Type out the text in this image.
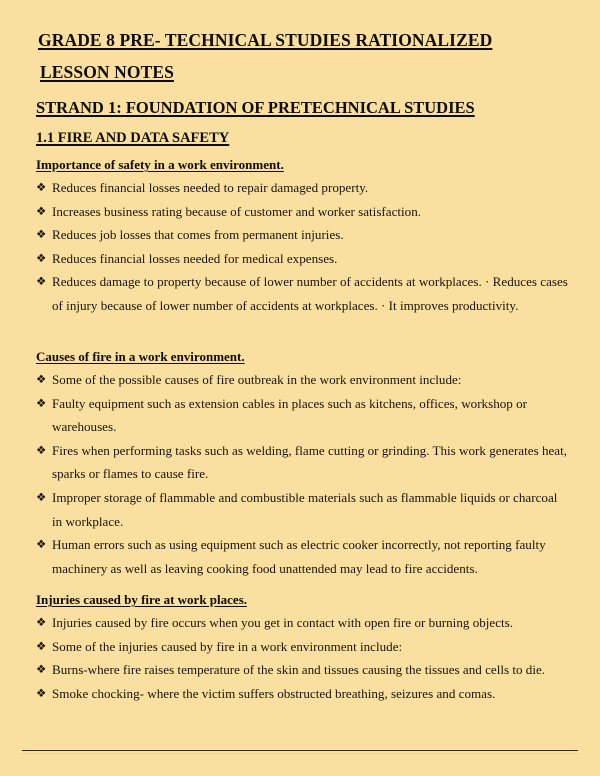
GRADE 8 PRE- TECHNICAL STUDIES RATIONALIZED
LESSON NOTES
STRAND 1: FOUNDATION OF PRETECHNICAL STUDIES
1.1 FIRE AND DATA SAFETY
Importance of safety in a work environment.
❖ Reduces financial losses needed to repair damaged property.
❖ Increases business rating because of customer and worker satisfaction.
❖ Reduces job losses that comes from permanent injuries.
❖ Reduces financial losses needed for medical expenses.
❖ Reduces damage to property because of lower number of accidents at workplaces. · Reduces cases of injury because of lower number of accidents at workplaces. · It improves productivity.
Causes of fire in a work environment.
❖ Some of the possible causes of fire outbreak in the work environment include:
❖ Faulty equipment such as extension cables in places such as kitchens, offices, workshop or warehouses.
❖ Fires when performing tasks such as welding, flame cutting or grinding. This work generates heat, sparks or flames to cause fire.
❖ Improper storage of flammable and combustible materials such as flammable liquids or charcoal in workplace.
❖ Human errors such as using equipment such as electric cooker incorrectly, not reporting faulty machinery as well as leaving cooking food unattended may lead to fire accidents.
Injuries caused by fire at work places.
❖ Injuries caused by fire occurs when you get in contact with open fire or burning objects.
❖ Some of the injuries caused by fire in a work environment include:
❖ Burns-where fire raises temperature of the skin and tissues causing the tissues and cells to die.
❖ Smoke chocking- where the victim suffers obstructed breathing, seizures and comas.
